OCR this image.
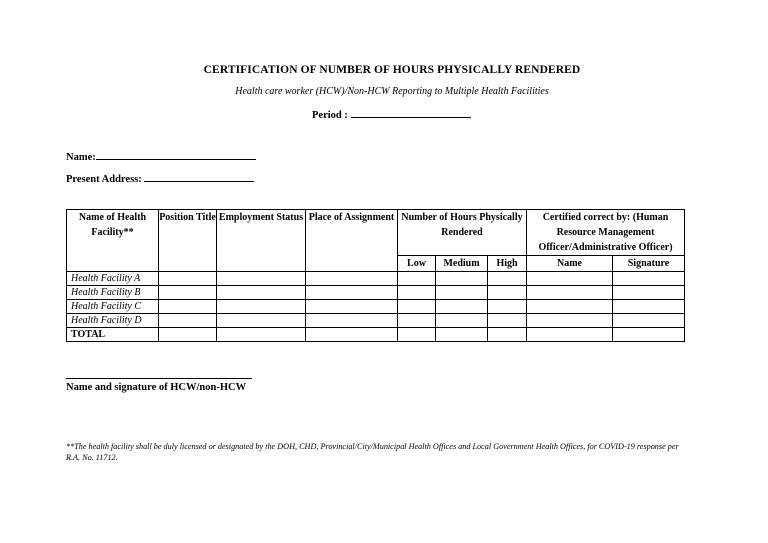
CERTIFICATION OF NUMBER OF HOURS PHYSICALLY RENDERED
Health care worker (HCW)/Non-HCW Reporting to Multiple Health Facilities
Period :
Name:
Present Address:
Name of Health Facility**	Position Title	Employment Status	Place of Assignment	Number of Hours Physically Rendered			Certified correct by: (Human Resource Management Officer/Administrative Officer)	
				Low	Medium	High	Name	Signature
Health Facility A								
Health Facility B								
Health Facility C								
Health Facility D								
TOTAL								
Name and signature of HCW/non-HCW
**The health facility shall be duly licensed or designated by the DOH, CHD, Provincial/City/Municipal Health Offices and Local Government Health Offices, for COVID-19 response per R.A. No. 11712.
